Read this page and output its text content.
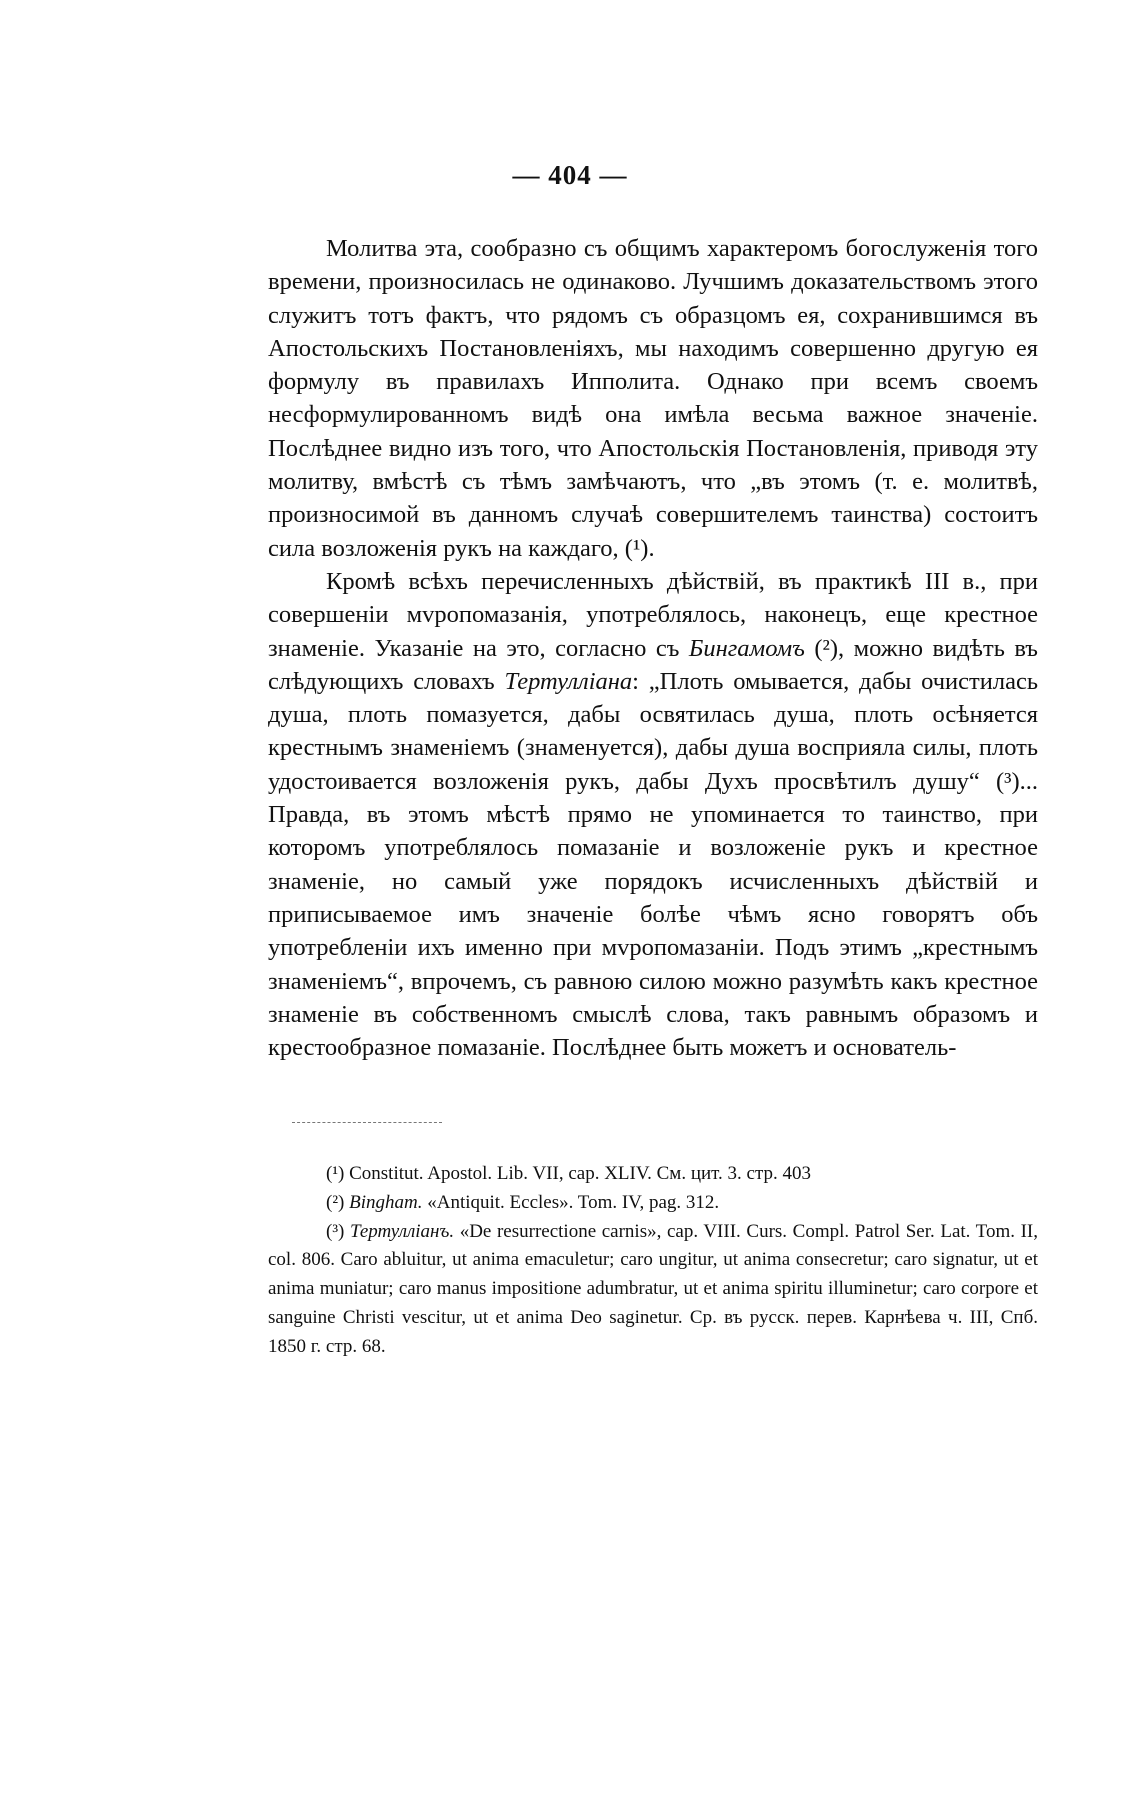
— 404 —

Молитва эта, сообразно съ общимъ характеромъ богослуженія того времени, произносилась не одинаково. Лучшимъ доказательствомъ этого служитъ тотъ фактъ, что рядомъ съ образцомъ ея, сохранившимся въ Апостольскихъ Постановленіяхъ, мы находимъ совершенно другую ея формулу въ правилахъ Ипполита. Однако при всемъ своемъ несформулированномъ видѣ она имѣла весьма важное значеніе. Послѣднее видно изъ того, что Апостольскія Постановленія, приводя эту молитву, вмѣстѣ съ тѣмъ замѣчаютъ, что „въ этомъ (т. е. молитвѣ, произносимой въ данномъ случаѣ совершителемъ таинства) состоитъ сила возложенія рукъ на каждаго, (¹).

Кромѣ всѣхъ перечисленныхъ дѣйствій, въ практикѣ III в., при совершеніи мvропомазанія, употреблялось, наконецъ, еще крестное знаменіе. Указаніе на это, согласно съ Бингамомъ (²), можно видѣть въ слѣдующихъ словахъ Тертулліана: „Плоть омывается, дабы очистилась душа, плоть помазуется, дабы освятилась душа, плоть осѣняется крестнымъ знаменіемъ (знаменуется), дабы душа восприяла силы, плоть удостоивается возложенія рукъ, дабы Духъ просвѣтилъ душу“ (³)... Правда, въ этомъ мѣстѣ прямо не упоминается то таинство, при которомъ употреблялось помазаніе и возложеніе рукъ и крестное знаменіе, но самый уже порядокъ исчисленныхъ дѣйствій и приписываемое имъ значеніе болѣе чѣмъ ясно говорятъ объ употребленіи ихъ именно при мvропомазаніи. Подъ этимъ „крестнымъ знаменіемъ“, впрочемъ, съ равною силою можно разумѣть какъ крестное знаменіе въ собственномъ смыслѣ слова, такъ равнымъ образомъ и крестообразное помазаніе. Послѣднее быть можетъ и основатель-

(¹) Constitut. Apostol. Lib. VII, cap. XLIV. См. цит. 3. стр. 403

(²) Bingham. «Antiquit. Eccles». Tom. IV, pag. 312.

(³) Тертулліанъ. «De resurrectione carnis», cap. VIII. Curs. Compl. Patrol Ser. Lat. Tom. II, col. 806. Caro abluitur, ut anima emaculetur; caro ungitur, ut anima consecretur; caro signatur, ut et anima muniatur; caro manus impositione adumbratur, ut et anima spiritu illuminetur; caro corpore et sanguine Christi vescitur, ut et anima Deo saginetur. Ср. въ русск. перев. Карнѣева ч. III, Спб. 1850 г. стр. 68.
